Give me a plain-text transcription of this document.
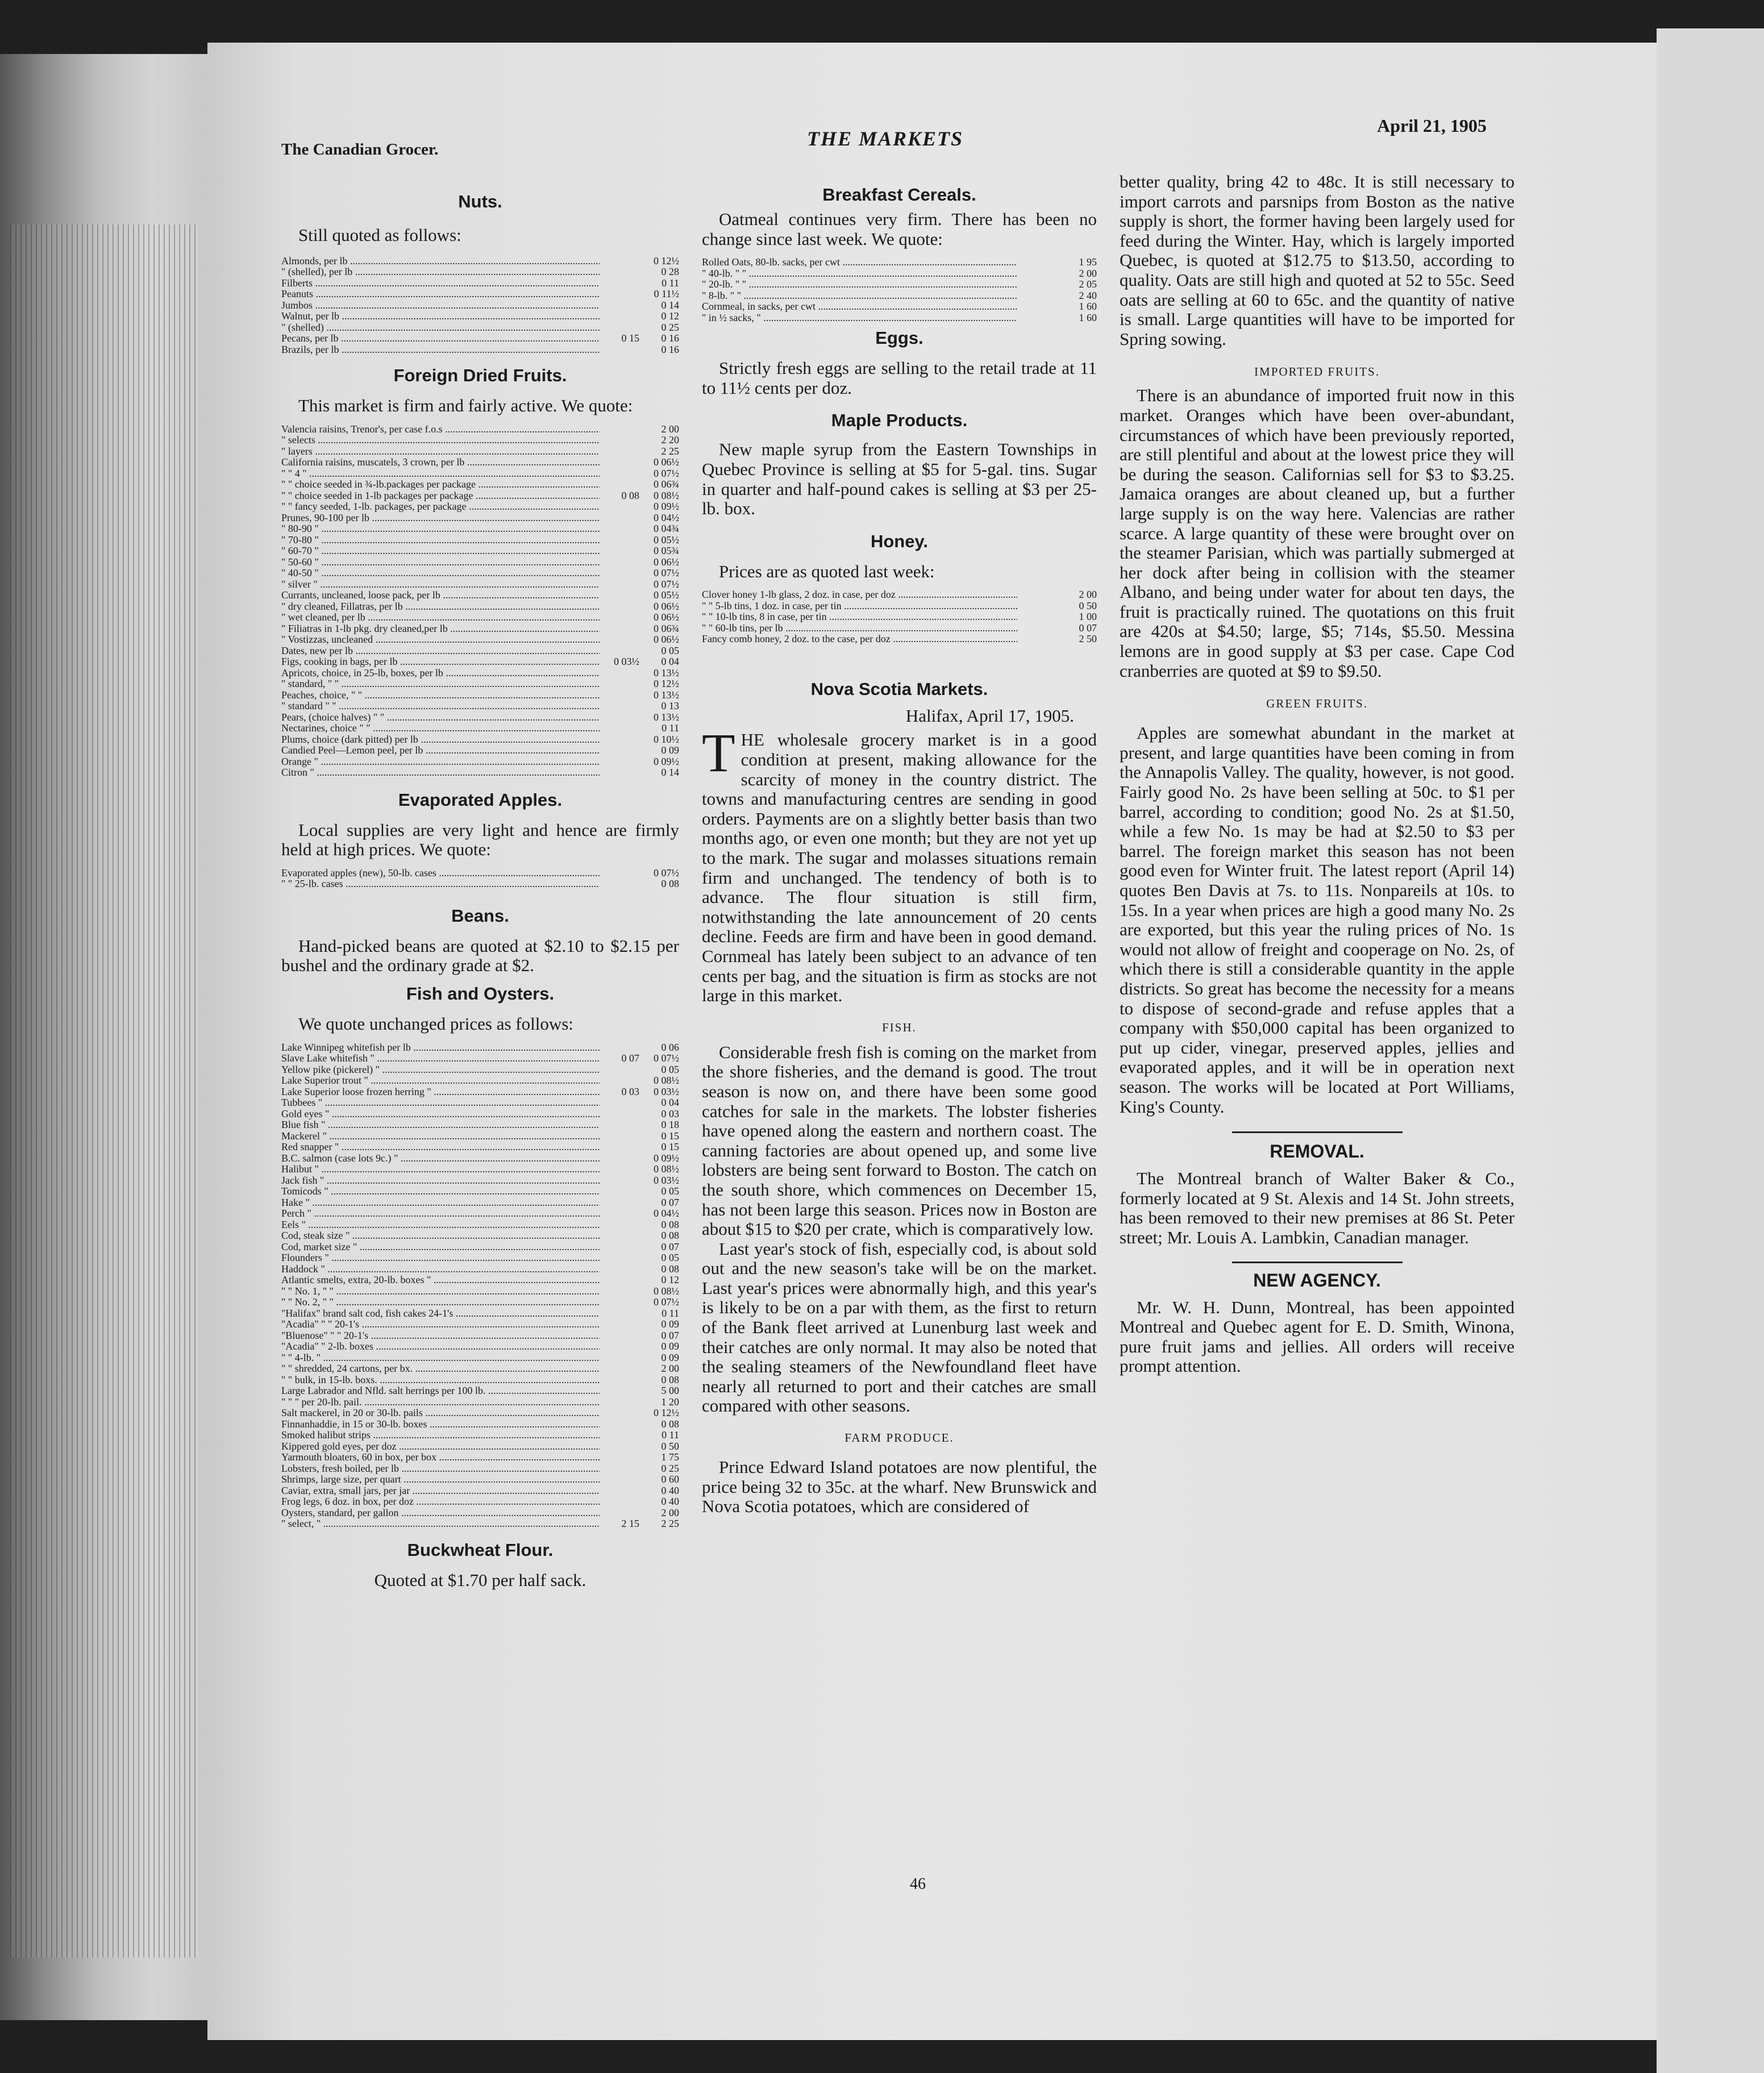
The Canadian Grocer.	THE MARKETS
April 21, 1905
Nuts.

Still quoted as follows:

Almonds, per lb .....	0 12½
" (shelled), per lb .....	0 28
Filberts .....	0 11
Peanuts .....	0 11½
Jumbos .....	0 14
Walnut, per lb .....	0 12
" (shelled) .....	0 25
Pecans, per lb .....	0 15	0 16
Brazils, per lb .....	0 16
Foreign Dried Fruits.

This market is firm and fairly active. We quote:

Valencia raisins, Trenor's, per case f.o.s .....	2 00
" selects .....	2 20
" layers .....	2 25
California raisins, muscatels, 3 crown, per lb .....	0 06½
" " 4 " .....	0 07½
" " choice seeded in ¾-lb.packages per package .....	0 06¾
" " choice seeded in 1-lb packages per package .....	0 08	0 08½
" " fancy seeded, 1-lb. packages, per package .....	0 09½
Prunes, 90-100 per lb .....	0 04½
" 80-90 " .....	0 04¾
" 70-80 " .....	0 05½
" 60-70 " .....	0 05¾
" 50-60 " .....	0 06½
" 40-50 " .....	0 07½
" silver " .....	0 07½
Currants, uncleaned, loose pack, per lb .....	0 05½
" dry cleaned, Fillatras, per lb .....	0 06½
" wet cleaned, per lb .....	0 06½
" Filiatras in 1-lb pkg. dry cleaned,per lb .....	0 06¾
" Vostizzas, uncleaned .....	0 06½
Dates, new per lb .....	0 05
Figs, cooking in bags, per lb .....	0 03½	0 04
Apricots, choice, in 25-lb, boxes, per lb .....	0 13½
" standard, " " .....	0 12½
Peaches, choice, " " .....	0 13½
" standard " " .....	0 13
Pears, (choice halves) " " .....	0 13½
Nectarines, choice " " .....	0 11
Plums, choice (dark pitted) per lb .....	0 10½
Candied Peel—Lemon peel, per lb .....	0 09
Orange " .....	0 09½
Citron " .....	0 14
Evaporated Apples.

Local supplies are very light and hence are firmly held at high prices. We quote:

Evaporated apples (new), 50-lb. cases .....	0 07½
" " 25-lb. cases .....	0 08
Beans.

Hand-picked beans are quoted at $2.10 to $2.15 per bushel and the ordinary grade at $2.

Fish and Oysters.

We quote unchanged prices as follows:

Lake Winnipeg whitefish per lb .....	0 06
Slave Lake whitefish " .....	0 07	0 07½
Yellow pike (pickerel) " .....	0 05
Lake Superior trout " .....	0 08½
Lake Superior loose frozen herring " .....	0 03	0 03½
Tubbees " .....	0 04
Gold eyes " .....	0 03
Blue fish " .....	0 18
Mackerel " .....	0 15
Red snapper " .....	0 15
B.C. salmon (case lots 9c.) " .....	0 09½
Halibut " .....	0 08½
Jack fish " .....	0 03½
Tomicods " .....	0 05
Hake " .....	0 07
Perch " .....	0 04½
Eels " .....	0 08
Cod, steak size " .....	0 08
Cod, market size " .....	0 07
Flounders " .....	0 05
Haddock " .....	0 08
Atlantic smelts, extra, 20-lb. boxes " .....	0 12
" " No. 1, " " .....	0 08½
" " No. 2, " " .....	0 07½
"Halifax" brand salt cod, fish cakes 24-1's .....	0 11
"Acadia" " " 20-1's .....	0 09
"Bluenose" " " 20-1's .....	0 07
"Acadia" " 2-lb. boxes .....	0 09
" " 4-lb. " .....	0 09
" " shredded, 24 cartons, per bx. .....	2 00
" " bulk, in 15-lb. boxs. .....	0 08
Large Labrador and Nfld. salt herrings per 100 lb. .....	5 00
" " " per 20-lb. pail. .....	1 20
Salt mackerel, in 20 or 30-lb. pails .....	0 12½
Finnanhaddie, in 15 or 30-lb. boxes .....	0 08
Smoked halibut strips .....	0 11
Kippered gold eyes, per doz .....	0 50
Yarmouth bloaters, 60 in box, per box .....	1 75
Lobsters, fresh boiled, per lb .....	0 25
Shrimps, large size, per quart .....	0 60
Caviar, extra, small jars, per jar .....	0 40
Frog legs, 6 doz. in box, per doz .....	0 40
Oysters, standard, per gallon .....	2 00
" select, " .....	2 15	2 25
Buckwheat Flour.

Quoted at $1.70 per half sack.

Breakfast Cereals.

Oatmeal continues very firm. There has been no change since last week. We quote:

Rolled Oats, 80-lb. sacks, per cwt .....	1 95
" 40-lb. " " .....	2 00
" 20-lb. " " .....	2 05
" 8-lb. " " .....	2 40
Cornmeal, in sacks, per cwt .....	1 60
" in ½ sacks, " .....	1 60
Eggs.

Strictly fresh eggs are selling to the retail trade at 11 to 11½ cents per doz.

Maple Products.

New maple syrup from the Eastern Townships in Quebec Province is selling at $5 for 5-gal. tins. Sugar in quarter and half-pound cakes is selling at $3 per 25-lb. box.

Honey.

Prices are as quoted last week:

Clover honey 1-lb glass, 2 doz. in case, per doz .....	2 00
" " 5-lb tins, 1 doz. in case, per tin .....	0 50
" " 10-lb tins, 8 in case, per tin .....	1 00
" " 60-lb tins, per lb .....	0 07
Fancy comb honey, 2 doz. to the case, per doz .....	2 50
Nova Scotia Markets.

Halifax, April 17, 1905.

THE wholesale grocery market is in a good condition at present, making allowance for the scarcity of money in the country district. The towns and manufacturing centres are sending in good orders. Payments are on a slightly better basis than two months ago, or even one month; but they are not yet up to the mark. The sugar and molasses situations remain firm and unchanged. The tendency of both is to advance. The flour situation is still firm, notwithstanding the late announcement of 20 cents decline. Feeds are firm and have been in good demand. Cornmeal has lately been subject to an advance of ten cents per bag, and the situation is firm as stocks are not large in this market.

FISH.

Considerable fresh fish is coming on the market from the shore fisheries, and the demand is good. The trout season is now on, and there have been some good catches for sale in the markets. The lobster fisheries have opened along the eastern and northern coast. The canning factories are about opened up, and some live lobsters are being sent forward to Boston. The catch on the south shore, which commences on December 15, has not been large this season. Prices now in Boston are about $15 to $20 per crate, which is comparatively low.

Last year's stock of fish, especially cod, is about sold out and the new season's take will be on the market. Last year's prices were abnormally high, and this year's is likely to be on a par with them, as the first to return of the Bank fleet arrived at Lunenburg last week and their catches are only normal. It may also be noted that the sealing steamers of the Newfoundland fleet have nearly all returned to port and their catches are small compared with other seasons.

FARM PRODUCE.

Prince Edward Island potatoes are now plentiful, the price being 32 to 35c. at the wharf. New Brunswick and Nova Scotia potatoes, which are considered of

better quality, bring 42 to 48c. It is still necessary to import carrots and parsnips from Boston as the native supply is short, the former having been largely used for feed during the Winter. Hay, which is largely imported Quebec, is quoted at $12.75 to $13.50, according to quality. Oats are still high and quoted at 52 to 55c. Seed oats are selling at 60 to 65c. and the quantity of native is small. Large quantities will have to be imported for Spring sowing.

IMPORTED FRUITS.

There is an abundance of imported fruit now in this market. Oranges which have been over-abundant, circumstances of which have been previously reported, are still plentiful and about at the lowest price they will be during the season. Californias sell for $3 to $3.25. Jamaica oranges are about cleaned up, but a further large supply is on the way here. Valencias are rather scarce. A large quantity of these were brought over on the steamer Parisian, which was partially submerged at her dock after being in collision with the steamer Albano, and being under water for about ten days, the fruit is practically ruined. The quotations on this fruit are 420s at $4.50; large, $5; 714s, $5.50. Messina lemons are in good supply at $3 per case. Cape Cod cranberries are quoted at $9 to $9.50.

GREEN FRUITS.

Apples are somewhat abundant in the market at present, and large quantities have been coming in from the Annapolis Valley. The quality, however, is not good. Fairly good No. 2s have been selling at 50c. to $1 per barrel, according to condition; good No. 2s at $1.50, while a few No. 1s may be had at $2.50 to $3 per barrel. The foreign market this season has not been good even for Winter fruit. The latest report (April 14) quotes Ben Davis at 7s. to 11s. Nonpareils at 10s. to 15s. In a year when prices are high a good many No. 2s are exported, but this year the ruling prices of No. 1s would not allow of freight and cooperage on No. 2s, of which there is still a considerable quantity in the apple districts. So great has become the necessity for a means to dispose of second-grade and refuse apples that a company with $50,000 capital has been organized to put up cider, vinegar, preserved apples, jellies and evaporated apples, and it will be in operation next season. The works will be located at Port Williams, King's County.

REMOVAL.

The Montreal branch of Walter Baker & Co., formerly located at 9 St. Alexis and 14 St. John streets, has been removed to their new premises at 86 St. Peter street; Mr. Louis A. Lambkin, Canadian manager.

NEW AGENCY.

Mr. W. H. Dunn, Montreal, has been appointed Montreal and Quebec agent for E. D. Smith, Winona, pure fruit jams and jellies. All orders will receive prompt attention.

46
